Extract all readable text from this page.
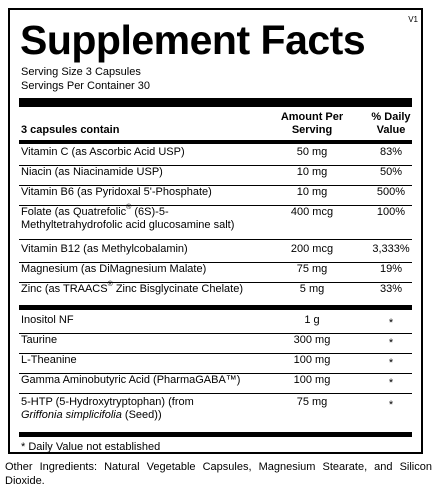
V1
Supplement Facts
Serving Size 3 Capsules
Servings Per Container 30
3 capsules contain
Amount Per
Serving
% Daily
Value
Vitamin C (as Ascorbic Acid USP)	50 mg	83%
Niacin (as Niacinamide USP)	10 mg	50%
Vitamin B6 (as Pyridoxal 5'-Phosphate)	10 mg	500%
Folate (as Quatrefolic® (6S)-5-
Methyltetrahydrofolic acid glucosamine salt)
400 mcg	100%
Vitamin B12 (as Methylcobalamin)	200 mcg	3,333%
Magnesium (as DiMagnesium Malate)	75 mg	19%
Zinc (as TRAACS® Zinc Bisglycinate Chelate)	5 mg	33%
Inositol NF	1 g	*
Taurine	300 mg	*
L-Theanine	100 mg	*
Gamma Aminobutyric Acid (PharmaGABA™)	100 mg	*
5-HTP (5-Hydroxytryptophan) (from
Griffonia simplicifolia (Seed))
75 mg	*
* Daily Value not established
Other Ingredients: Natural Vegetable Capsules, Magnesium Stearate, and Silicon Dioxide.
